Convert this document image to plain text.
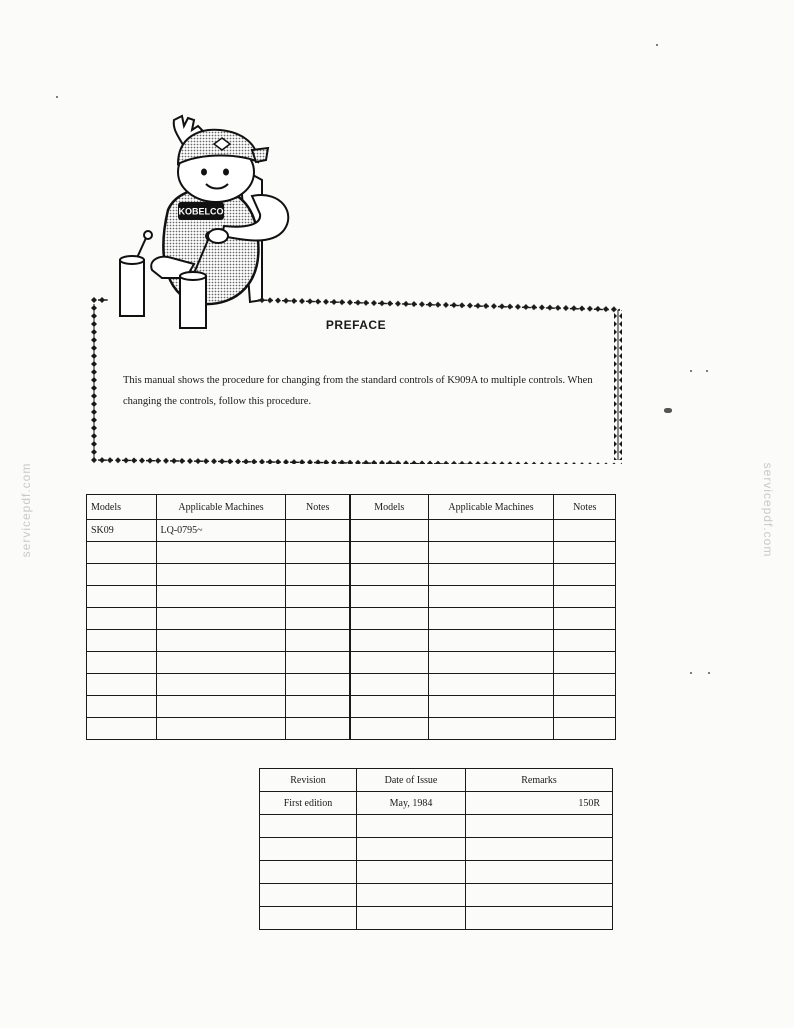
servicepdf.com	servicepdf.com
KOBELCO
PREFACE
This manual shows the procedure for changing from the standard controls of K909A to multiple controls. When changing the controls, follow this procedure.
Models	Applicable Machines	Notes	Models	Applicable Machines	Notes
SK09	LQ-0795~				

Revision	Date of Issue	Remarks
First edition	May, 1984	150R
